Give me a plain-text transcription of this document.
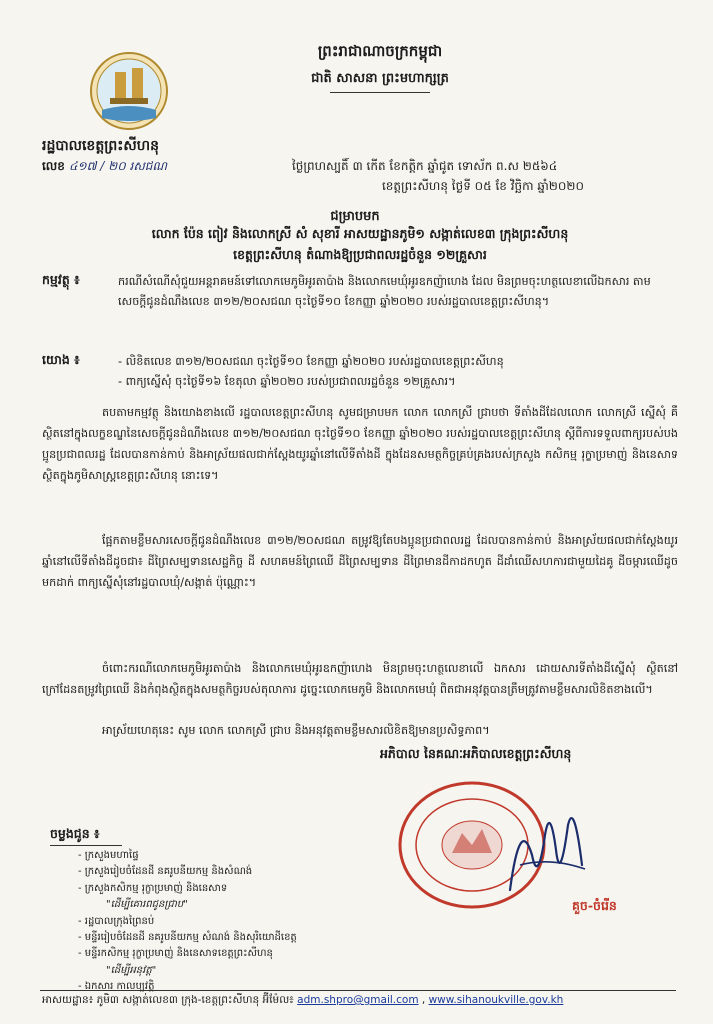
ព្រះរាជាណាចក្រកម្ពុជា
ជាតិ សាសនា ព្រះមហាក្សត្រ
រដ្ឋបាលខេត្តព្រះសីហនុ
លេខ ៤១៧ / ២០ រសជណ	ថ្ងៃព្រហស្បតិ៍ ៣ កើត ខែកត្តិក ឆ្នាំជូត ទោស័ក ព.ស ២៥៦៤
ខេត្តព្រះសីហនុ ថ្ងៃទី ០៥ ខែ វិច្ឆិកា ឆ្នាំ២០២០
ជម្រាបមក
លោក ប៉ែន ពៀវ និងលោកស្រី សំ សុខារី អាសយដ្ឋានភូមិ១ សង្កាត់លេខ៣ ក្រុងព្រះសីហនុ
ខេត្តព្រះសីហនុ តំណាងឱ្យប្រជាពលរដ្ឋចំនួន ១២គ្រួសារ
កម្មវត្ថុ ៖	ករណីសំណើសុំជួយអន្តរាគមន៍ទៅលោកមេភូមិអូរតាប៉ាង និងលោកមេឃុំអូរឧកញ៉ាហេង ដែល មិនព្រមចុះហត្ថលេខាលើឯកសារ តាមសេចក្តីជូនដំណឹងលេខ ៣១២/២០សជណ ចុះថ្ងៃទី១០ ខែកញ្ញា ឆ្នាំ២០២០ របស់រដ្ឋបាលខេត្តព្រះសីហនុ។
យោង ៖	- លិខិតលេខ ៣១២/២០សជណ ចុះថ្ងៃទី១០ ខែកញ្ញា ឆ្នាំ២០២០ របស់រដ្ឋបាលខេត្តព្រះសីហនុ
- ពាក្យស្នើសុំ ចុះថ្ងៃទី១៦ ខែតុលា ឆ្នាំ២០២០ របស់ប្រជាពលរដ្ឋចំនួន ១២គ្រួសារ។
តបតាមកម្មវត្ថុ និងយោងខាងលើ រដ្ឋបាលខេត្តព្រះសីហនុ សូមជម្រាបមក លោក លោកស្រី ជ្រាបថា ទីតាំងដីដែលលោក លោកស្រី ស្នើសុំ គឺស្ថិតនៅក្នុងលក្ខខណ្ឌនៃសេចក្តីជូនដំណឹងលេខ ៣១២/២០សជណ ចុះថ្ងៃទី១០ ខែកញ្ញា ឆ្នាំ២០២០ របស់រដ្ឋបាលខេត្តព្រះសីហនុ ស្តីពីការទទួលពាក្យរបស់បងប្អូនប្រជាពលរដ្ឋ ដែលបានកាន់កាប់ និងអាស្រ័យផលជាក់ស្តែងយូរឆ្នាំនៅលើទីតាំងដី ក្នុងដែនសមត្ថកិច្ចគ្រប់គ្រងរបស់ក្រសួង កសិកម្ម រុក្ខាប្រមាញ់ និងនេសាទ ស្ថិតក្នុងភូមិសាស្ត្រខេត្តព្រះសីហនុ នោះទេ។
ផ្អែកតាមខ្លឹមសារសេចក្តីជូនដំណឹងលេខ ៣១២/២០សជណ តម្រូវឱ្យតែបងប្អូនប្រជាពលរដ្ឋ ដែលបានកាន់កាប់ និងអាស្រ័យផលជាក់ស្តែងយូរឆ្នាំនៅលើទីតាំងដីដូចជា៖ ដីព្រៃសម្បទានសេដ្ឋកិច្ច ដី សហគមន៍ព្រៃឈើ ដីព្រៃសម្បទាន ដីព្រៃមានដីកាដកហូត ដីដាំឈើសហការជាមួយដៃគូ ដីចម្ការឈើដូច មកដាក់ ពាក្យស្នើសុំនៅរដ្ឋបាលឃុំ/សង្កាត់ ប៉ុណ្ណោះ។
ចំពោះករណីលោកមេភូមិអូរតាប៉ាង និងលោកមេឃុំអូរឧកញ៉ាហេង មិនព្រមចុះហត្ថលេខាលើ ឯកសារ ដោយសារទីតាំងដីស្នើសុំ ស្ថិតនៅក្រៅដែនតម្រូវព្រៃឈើ និងកំពុងស្ថិតក្នុងសមត្ថកិច្ចរបស់តុលាការ ដូច្នេះលោកមេភូមិ និងលោកមេឃុំ ពិតជាអនុវត្តបានត្រឹមត្រូវតាមខ្លឹមសារលិខិតខាងលើ។
អាស្រ័យហេតុនេះ សូម លោក លោកស្រី ជ្រាប និងអនុវត្តតាមខ្លឹមសារលិខិតឱ្យមានប្រសិទ្ធភាព។
អភិបាល នៃគណៈអភិបាលខេត្តព្រះសីហនុ
គួច-ចំរើន
ចម្លងជូន ៖
- ក្រសួងមហាផ្ទៃ
- ក្រសួងរៀបចំដែនដី នគរូបនីយកម្ម និងសំណង់
- ក្រសួងកសិកម្ម រុក្ខាប្រមាញ់ និងនេសាទ
"ដើម្បីគោរពជូនជ្រាប"
- រដ្ឋបាលក្រុងព្រៃនប់
- មន្ទីររៀបចំដែនដី នគរូបនីយកម្ម សំណង់ និងសុរិយោដីខេត្ត
- មន្ទីរកសិកម្ម រុក្ខាប្រមាញ់ និងនេសាទខេត្តព្រះសីហនុ
"ដើម្បីអនុវត្ត"
- ឯកសារ កាលប្បវត្តិ
អាសយដ្ឋាន៖ ភូមិ៣ សង្កាត់លេខ៣ ក្រុង-ខេត្តព្រះសីហនុ អ៊ីម៉ែល៖ adm.shpro@gmail.com , www.sihanoukville.gov.kh
